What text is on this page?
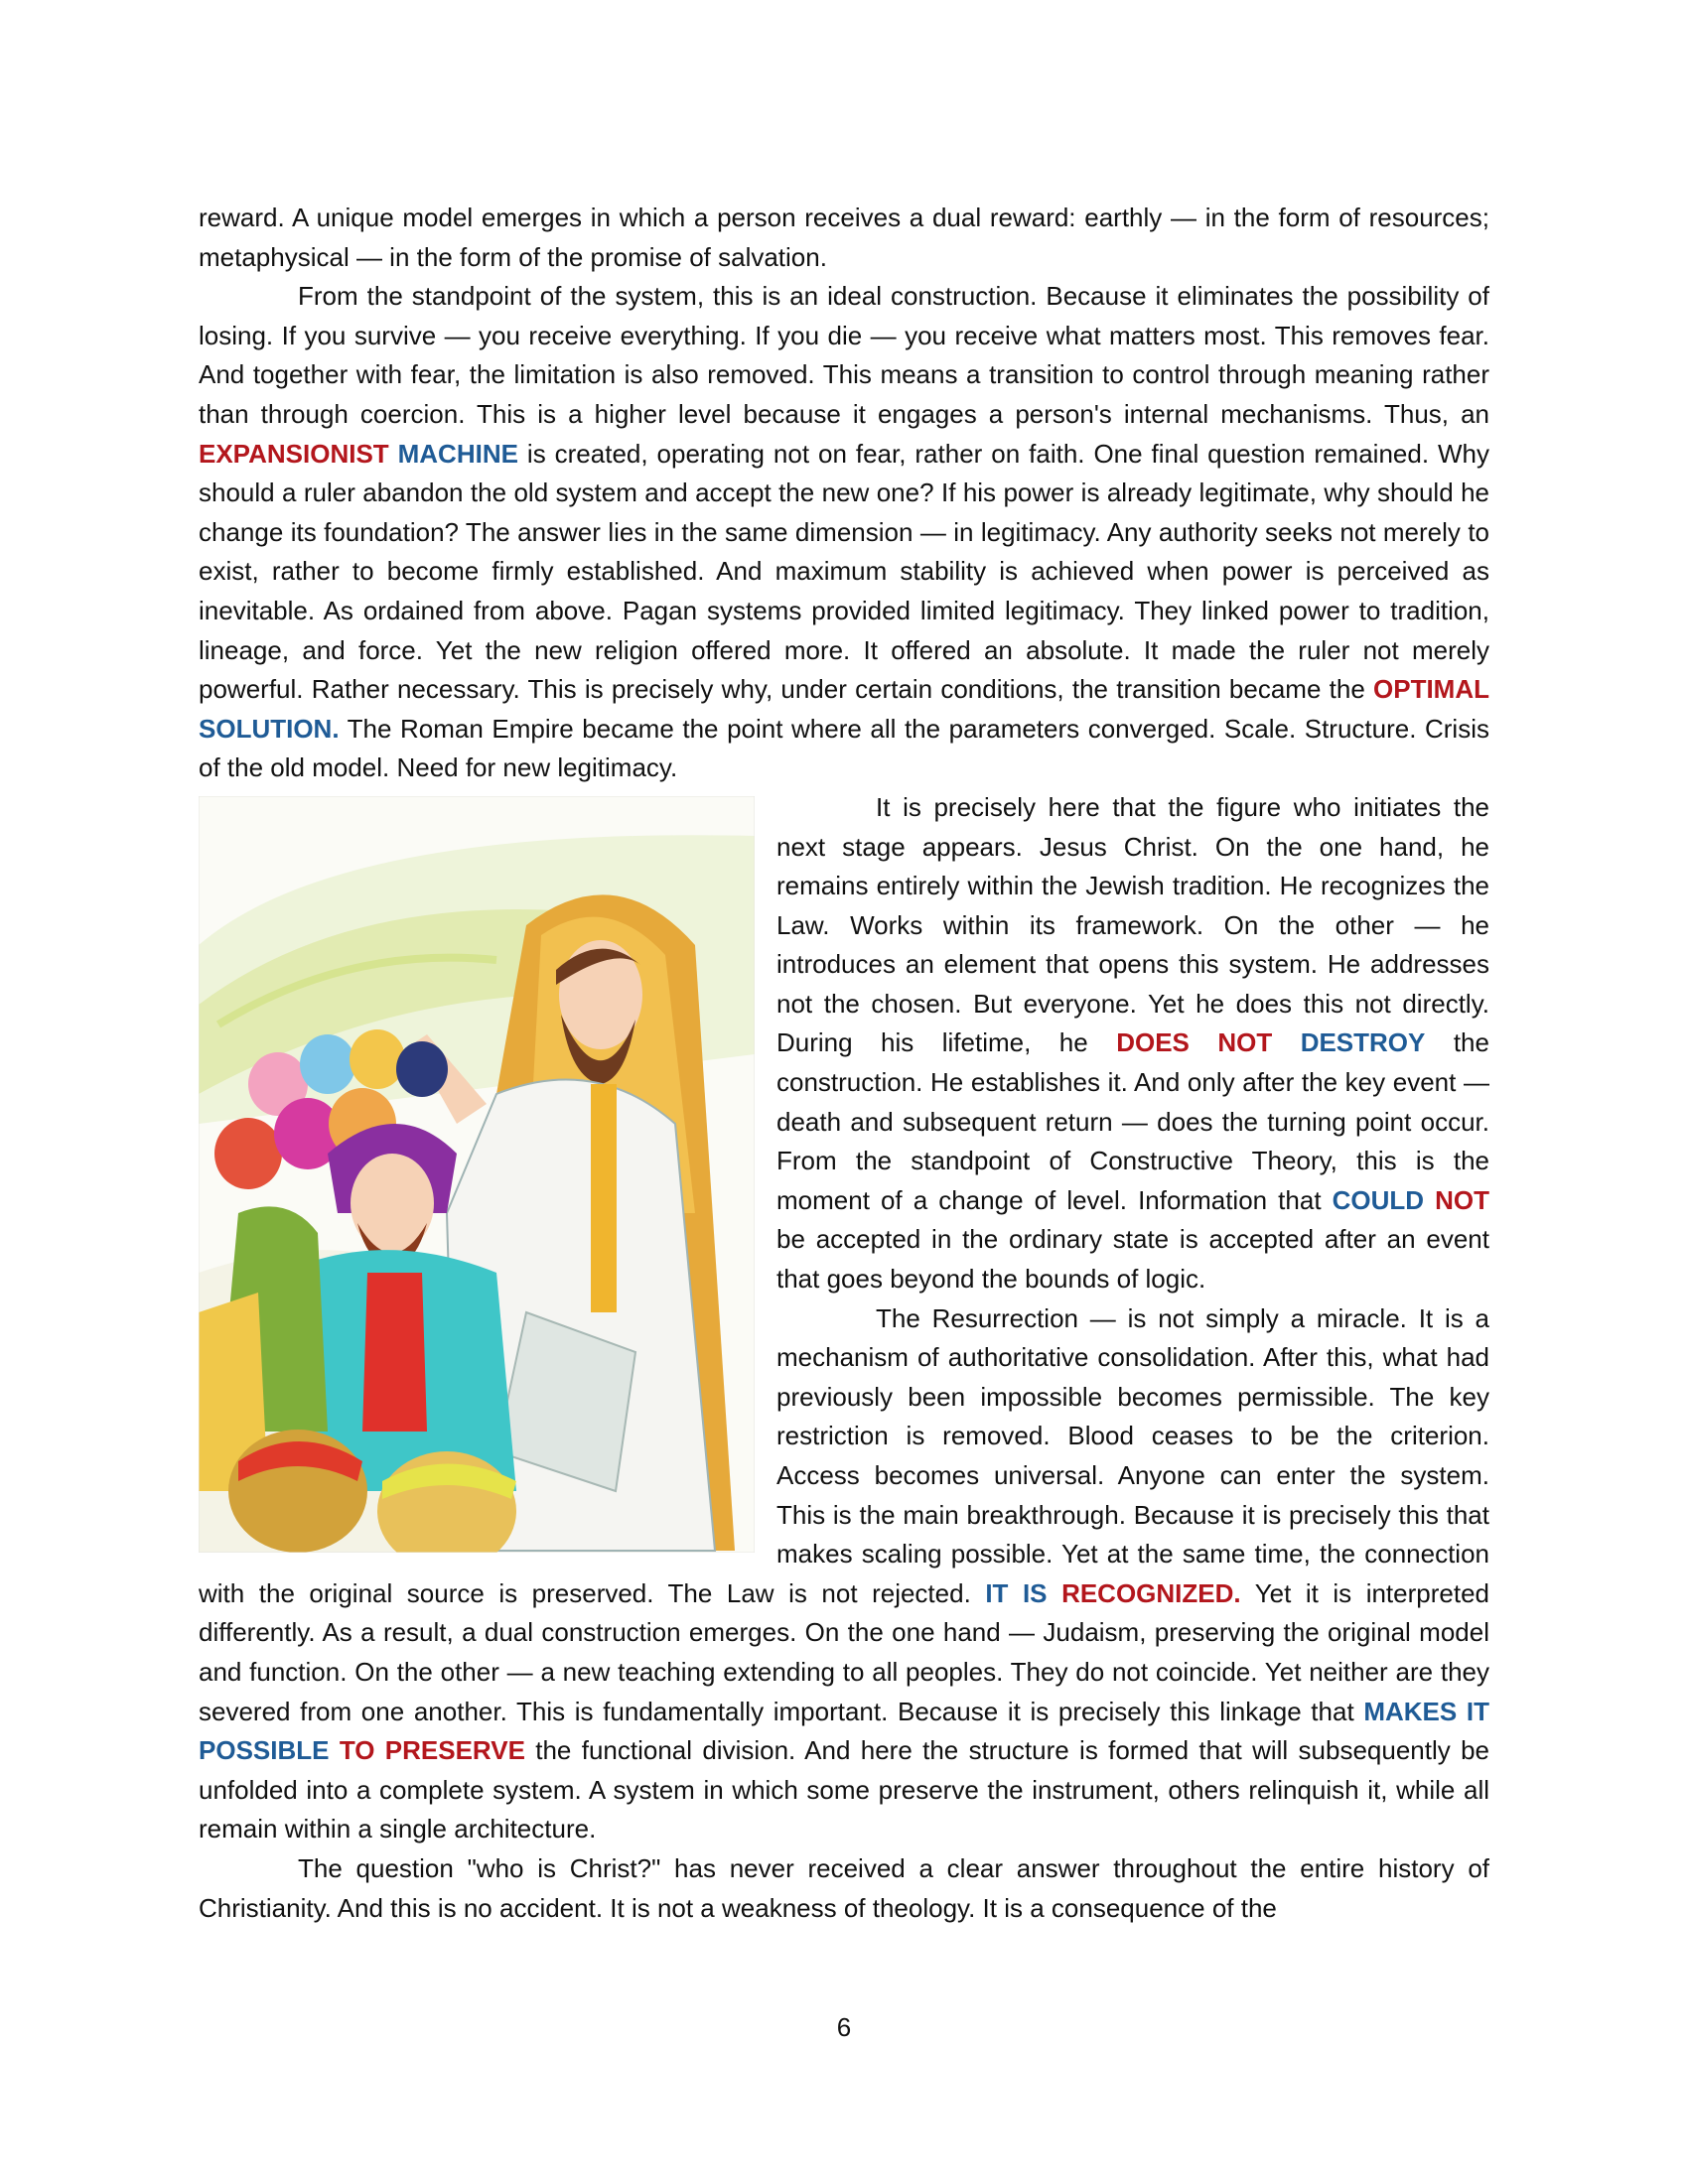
reward. A unique model emerges in which a person receives a dual reward: earthly — in the form of resources; metaphysical — in the form of the promise of salvation.

From the standpoint of the system, this is an ideal construction. Because it eliminates the possibility of losing. If you survive — you receive everything. If you die — you receive what matters most. This removes fear. And together with fear, the limitation is also removed. This means a transition to control through meaning rather than through coercion. This is a higher level because it engages a person's internal mechanisms. Thus, an EXPANSIONIST MACHINE is created, operating not on fear, rather on faith. One final question remained. Why should a ruler abandon the old system and accept the new one? If his power is already legitimate, why should he change its foundation? The answer lies in the same dimension — in legitimacy. Any authority seeks not merely to exist, rather to become firmly established. And maximum stability is achieved when power is perceived as inevitable. As ordained from above. Pagan systems provided limited legitimacy. They linked power to tradition, lineage, and force. Yet the new religion offered more. It offered an absolute. It made the ruler not merely powerful. Rather necessary. This is precisely why, under certain conditions, the transition became the OPTIMAL SOLUTION. The Roman Empire became the point where all the parameters converged. Scale. Structure. Crisis of the old model. Need for new legitimacy.

It is precisely here that the figure who initiates the next stage appears. Jesus Christ. On the one hand, he remains entirely within the Jewish tradition. He recognizes the Law. Works within its framework. On the other — he introduces an element that opens this system. He addresses not the chosen. But everyone. Yet he does this not directly. During his lifetime, he DOES NOT DESTROY the construction. He establishes it. And only after the key event — death and subsequent return — does the turning point occur. From the standpoint of Constructive Theory, this is the moment of a change of level. Information that COULD NOT be accepted in the ordinary state is accepted after an event that goes beyond the bounds of logic.

The Resurrection — is not simply a miracle. It is a mechanism of authoritative consolidation. After this, what had previously been impossible becomes permissible. The key restriction is removed. Blood ceases to be the criterion. Access becomes universal. Anyone can enter the system. This is the main breakthrough. Because it is precisely this that makes scaling possible. Yet at the same time, the connection with the original source is preserved. The Law is not rejected. IT IS RECOGNIZED. Yet it is interpreted differently. As a result, a dual construction emerges. On the one hand — Judaism, preserving the original model and function. On the other — a new teaching extending to all peoples. They do not coincide. Yet neither are they severed from one another. This is fundamentally important. Because it is precisely this linkage that MAKES IT POSSIBLE TO PRESERVE the functional division. And here the structure is formed that will subsequently be unfolded into a complete system. A system in which some preserve the instrument, others relinquish it, while all remain within a single architecture.

The question "who is Christ?" has never received a clear answer throughout the entire history of Christianity. And this is no accident. It is not a weakness of theology. It is a consequence of the

6
